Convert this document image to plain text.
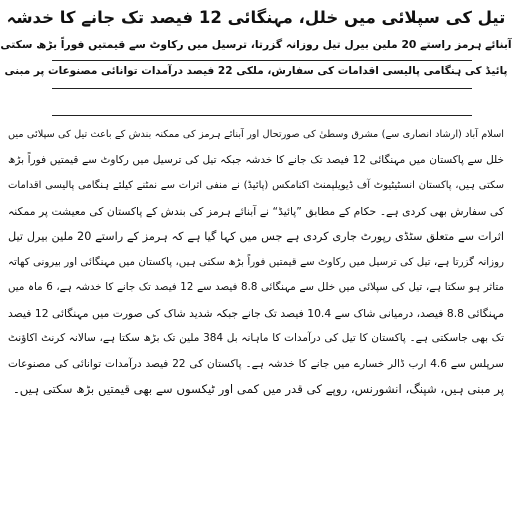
تیل کی سپلائی میں خلل، مہنگائی 12 فیصد تک جانے کا خدشہ
آبنائے ہرمز راستے 20 ملین بیرل تیل روزانہ گزرتا، ترسیل میں رکاوٹ سے قیمتیں فوراً بڑھ سکتی
پائیڈ کی ہنگامی پالیسی اقدامات کی سفارش، ملکی 22 فیصد درآمدات توانائی مصنوعات پر مبنی
اسلام آباد (ارشاد انصاری سے) مشرق وسطیٰ کی صورتحال اور آبنائے ہرمز کی ممکنہ بندش کے باعث تیل کی سپلائی میں
خلل سے پاکستان میں مہنگائی 12 فیصد تک جانے کا خدشہ جبکہ تیل کی ترسیل میں رکاوٹ سے قیمتیں فوراً بڑھ
سکتی ہیں، پاکستان انسٹیٹیوٹ آف ڈیویلپمنٹ اکنامکس (پائیڈ) نے منفی اثرات سے نمٹنے کیلئے ہنگامی پالیسی اقدامات
کی سفارش بھی کردی ہے۔ حکام کے مطابق ”پائیڈ“ نے آبنائے ہرمز کی بندش کے پاکستان کی معیشت پر ممکنہ
اثرات سے متعلق سٹڈی رپورٹ جاری کردی ہے جس میں کہا گیا ہے کہ ہرمز کے راستے 20 ملین بیرل تیل
روزانہ گزرتا ہے، تیل کی ترسیل میں رکاوٹ سے قیمتیں فوراً بڑھ سکتی ہیں، پاکستان میں مہنگائی اور بیرونی کھاتہ
متاثر ہو سکتا ہے، تیل کی سپلائی میں خلل سے مہنگائی 8.8 فیصد سے 12 فیصد تک جانے کا خدشہ ہے، 6 ماہ میں
مہنگائی 8.8 فیصد، درمیانی شاک سے 10.4 فیصد تک جانے جبکہ شدید شاک کی صورت میں مہنگائی 12 فیصد
تک بھی جاسکتی ہے۔ پاکستان کا تیل کی درآمدات کا ماہانہ بل 384 ملین تک بڑھ سکتا ہے، سالانہ کرنٹ اکاؤنٹ
سرپلس سے 4.6 ارب ڈالر خسارے میں جانے کا خدشہ ہے۔ پاکستان کی 22 فیصد درآمدات توانائی کی مصنوعات
پر مبنی ہیں، شپنگ، انشورنس، روپے کی قدر میں کمی اور ٹیکسوں سے بھی قیمتیں بڑھ سکتی ہیں۔
